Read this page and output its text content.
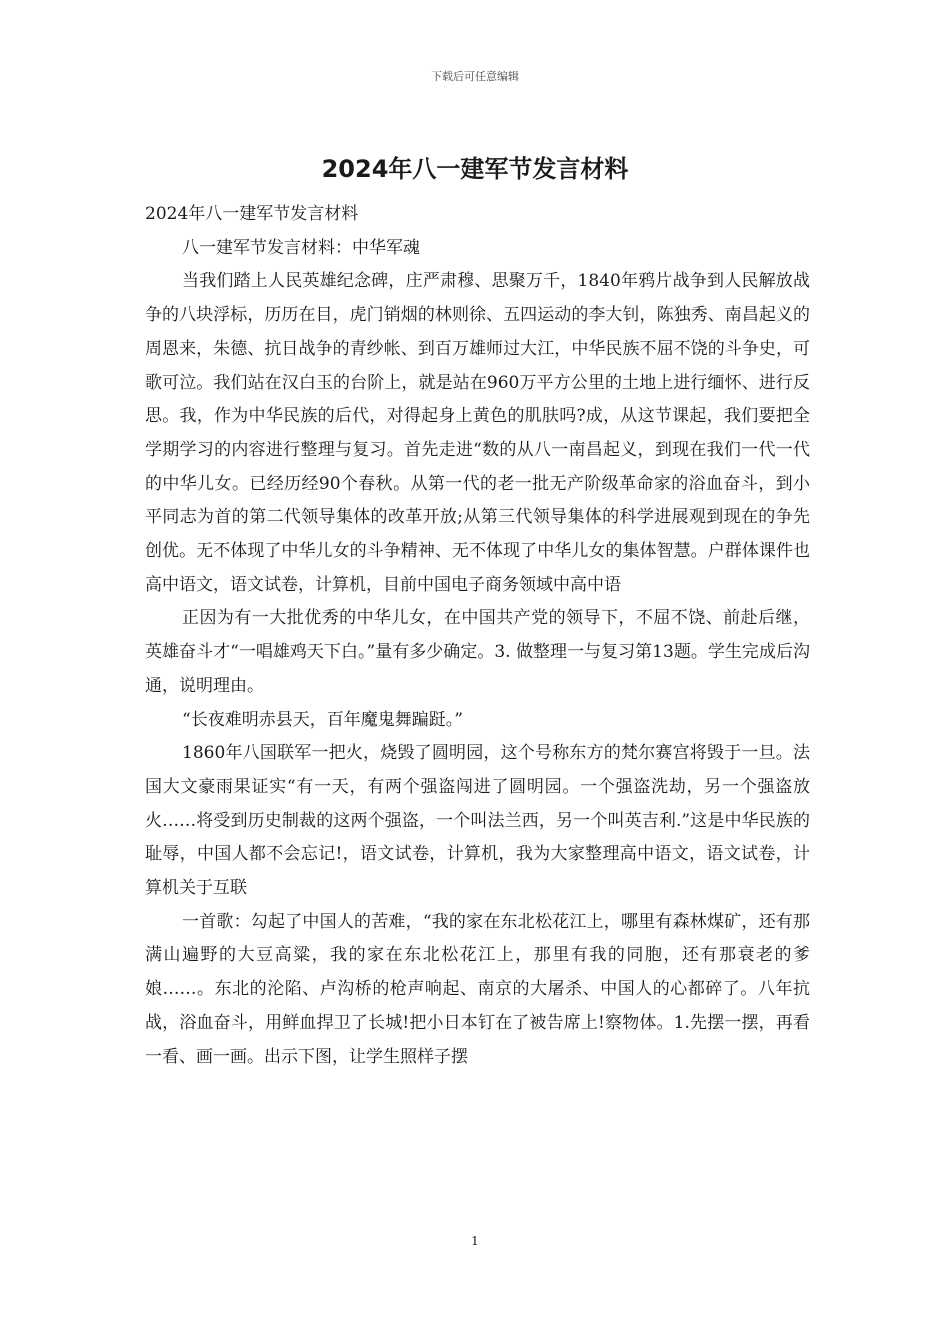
下载后可任意编辑
2024年八一建军节发言材料

2024年八一建军节发言材料

八一建军节发言材料：中华军魂

当我们踏上人民英雄纪念碑，庄严肃穆、思聚万千，1840年鸦片战争到人民解放战争的八块浮标，历历在目，虎门销烟的林则徐、五四运动的李大钊，陈独秀、南昌起义的周恩来，朱德、抗日战争的青纱帐、到百万雄师过大江，中华民族不屈不饶的斗争史，可歌可泣。我们站在汉白玉的台阶上，就是站在960万平方公里的土地上进行缅怀、进行反思。我，作为中华民族的后代，对得起身上黄色的肌肤吗?成，从这节课起，我们要把全学期学习的内容进行整理与复习。首先走进“数的从八一南昌起义，到现在我们一代一代的中华儿女。已经历经90个春秋。从第一代的老一批无产阶级革命家的浴血奋斗，到小平同志为首的第二代领导集体的改革开放;从第三代领导集体的科学进展观到现在的争先创优。无不体现了中华儿女的斗争精神、无不体现了中华儿女的集体智慧。户群体课件也高中语文，语文试卷，计算机，目前中国电子商务领域中高中语

正因为有一大批优秀的中华儿女，在中国共产党的领导下，不屈不饶、前赴后继，英雄奋斗才“一唱雄鸡天下白。”量有多少确定。3. 做整理一与复习第13题。学生完成后沟通，说明理由。

“长夜难明赤县天，百年魔鬼舞蹁跹。”

1860年八国联军一把火，烧毁了圆明园，这个号称东方的梵尔赛宫将毁于一旦。法国大文豪雨果证实“有一天，有两个强盗闯进了圆明园。一个强盗洗劫，另一个强盗放火……将受到历史制裁的这两个强盗，一个叫法兰西，另一个叫英吉利.”这是中华民族的耻辱，中国人都不会忘记!，语文试卷，计算机，我为大家整理高中语文，语文试卷，计算机关于互联

一首歌：勾起了中国人的苦难，“我的家在东北松花江上，哪里有森林煤矿，还有那满山遍野的大豆高粱，我的家在东北松花江上，那里有我的同胞，还有那衰老的爹娘……。东北的沦陷、卢沟桥的枪声响起、南京的大屠杀、中国人的心都碎了。八年抗战，浴血奋斗，用鲜血捍卫了长城!把小日本钉在了被告席上!察物体。1.先摆一摆，再看一看、画一画。出示下图，让学生照样子摆

1
